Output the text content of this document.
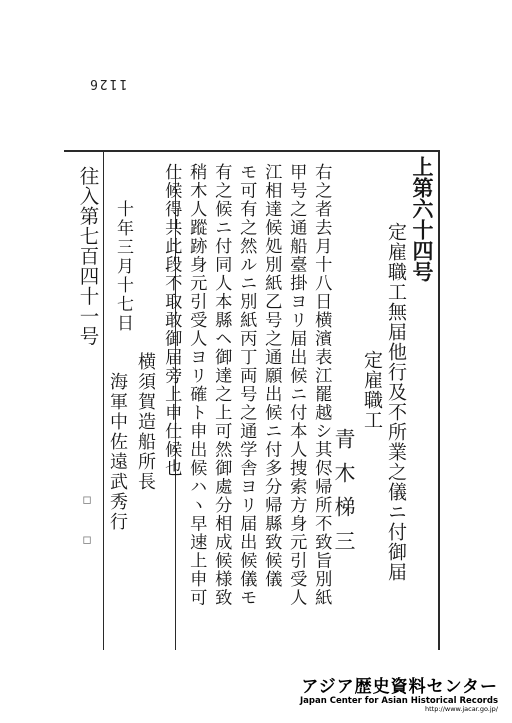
1126
上第六十四号
定雇職工無届他行及不所業之儀ニ付御届
定雇職工
青木梯三
右之者去月十八日横濱表江罷越シ其侭帰所不致旨別紙
甲号之通船臺掛ヨリ届出候ニ付本人捜索方身元引受人
江相達候処別紙乙号之通願出候ニ付多分帰縣致候儀
モ可有之然ルニ別紙丙丁両号之通学舎ヨリ届出候儀モ
有之候ニ付同人本縣ヘ御達之上可然御處分相成候様致
稍木人蹤跡身元引受人ヨリ確ト申出候ハヽ早速上申可
仕候得共此段不取敢御届旁上申仕候也
十年三月十七日
横須賀造船所長
海軍中佐遠武秀行
往入第七百四十一号
▫
▫
アジア歴史資料センター
Japan Center for Asian Historical Records
http://www.jacar.go.jp/
